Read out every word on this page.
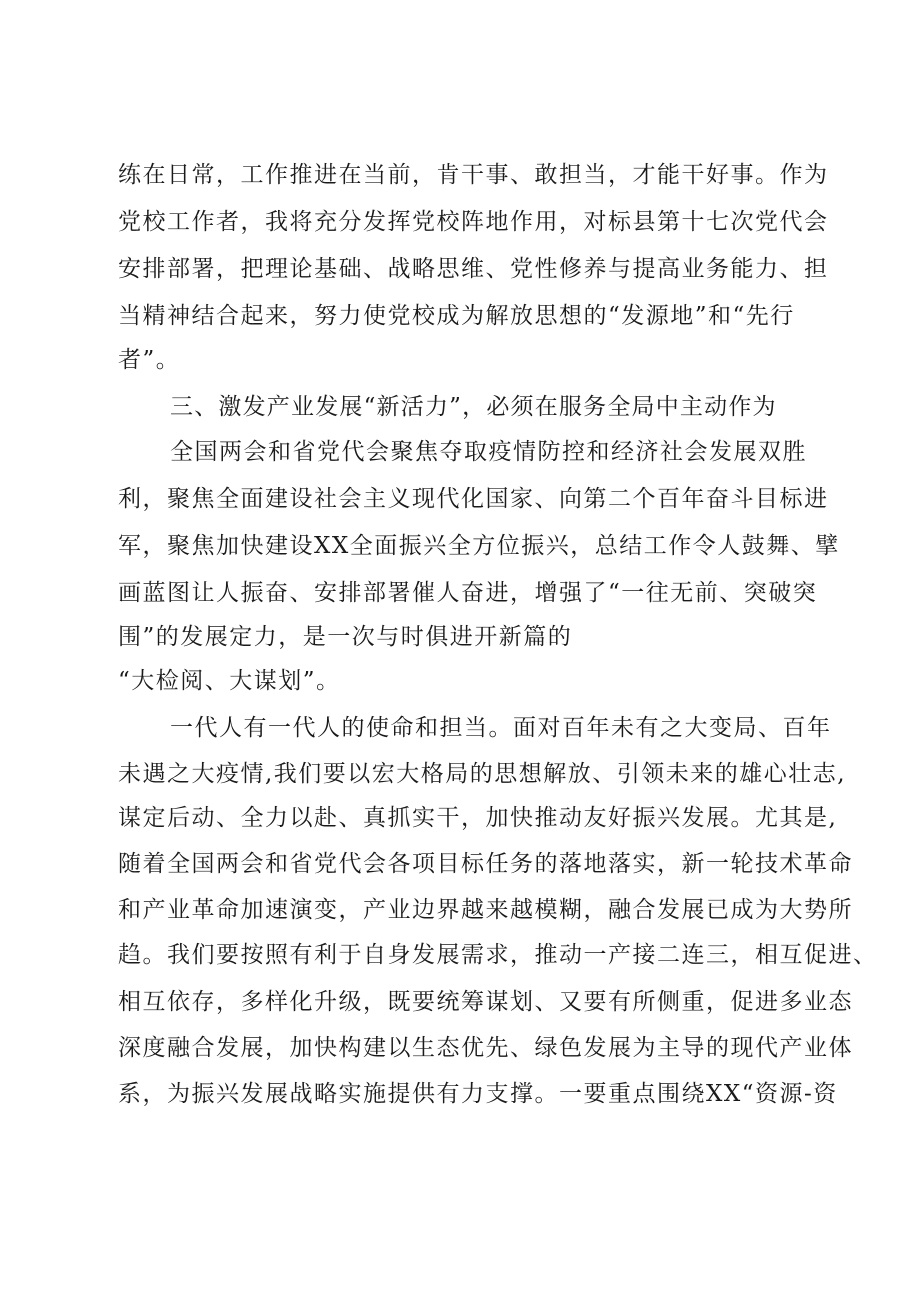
练在日常，工作推进在当前，肯干事、敢担当，才能干好事。作为
党校工作者，我将充分发挥党校阵地作用，对标县第十七次党代会
安排部署，把理论基础、战略思维、党性修养与提高业务能力、担
当精神结合起来，努力使党校成为解放思想的“发源地”和“先行
者”。
三、激发产业发展“新活力”，必须在服务全局中主动作为
全国两会和省党代会聚焦夺取疫情防控和经济社会发展双胜
利，聚焦全面建设社会主义现代化国家、向第二个百年奋斗目标进
军，聚焦加快建设XX全面振兴全方位振兴，总结工作令人鼓舞、擘
画蓝图让人振奋、安排部署催人奋进，增强了“一往无前、突破突
围”的发展定力，是一次与时俱进开新篇的
“大检阅、大谋划”。
一代人有一代人的使命和担当。面对百年未有之大变局、百年
未遇之大疫情,我们要以宏大格局的思想解放、引领未来的雄心壮志,
谋定后动、全力以赴、真抓实干，加快推动友好振兴发展。尤其是,
随着全国两会和省党代会各项目标任务的落地落实，新一轮技术革命
和产业革命加速演变，产业边界越来越模糊，融合发展已成为大势所
趋。我们要按照有利于自身发展需求，推动一产接二连三，相互促进、
相互依存，多样化升级，既要统筹谋划、又要有所侧重，促进多业态
深度融合发展，加快构建以生态优先、绿色发展为主导的现代产业体
系，为振兴发展战略实施提供有力支撑。一要重点围绕XX“资源-资
